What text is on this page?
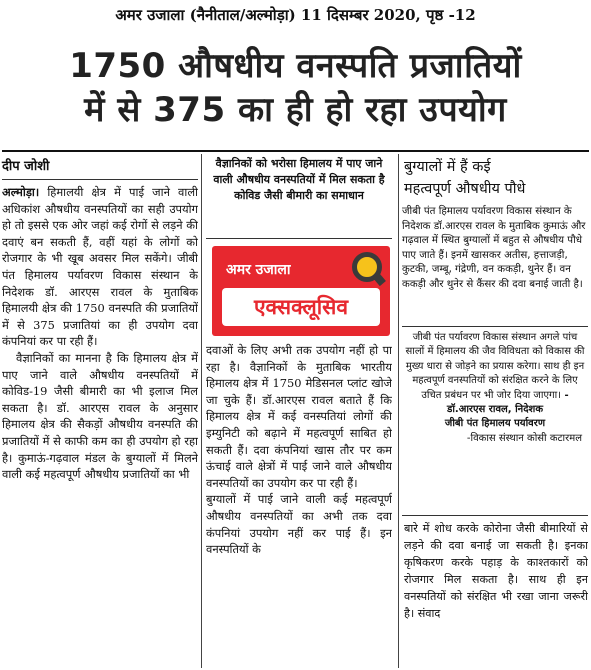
अमर उजाला (नैनीताल/अल्मोड़ा) 11 दिसम्बर 2020, पृष्ठ -12
1750 औषधीय वनस्पति प्रजातियों
में से 375 का ही हो रहा उपयोग
दीप जोशी

अल्मोड़ा। हिमालयी क्षेत्र में पाई जाने वाली अधिकांश औषधीय वनस्पतियों का सही उपयोग हो तो इससे एक ओर जहां कई रोगों से लड़ने की दवाएं बन सकती हैं, वहीं यहां के लोगों को रोजगार के भी खूब अवसर मिल सकेंगे। जीबी पंत हिमालय पर्यावरण विकास संस्थान के निदेशक डॉ. आरएस रावल के मुताबिक हिमालयी क्षेत्र की 1750 वनस्पति की प्रजातियों में से 375 प्रजातियां का ही उपयोग दवा कंपनियां कर पा रही हैं।

वैज्ञानिकों का मानना है कि हिमालय क्षेत्र में पाए जाने वाले औषधीय वनस्पतियों में कोविड-19 जैसी बीमारी का भी इलाज मिल सकता है। डॉ. आरएस रावल के अनुसार हिमालय क्षेत्र की सैकड़ों औषधीय वनस्पति की प्रजातियों में से काफी कम का ही उपयोग हो रहा है। कुमाऊं-गढ़वाल मंडल के बुग्यालों में मिलने वाली कई महत्वपूर्ण औषधीय प्रजातियों का भी

वैज्ञानिकों को भरोसा हिमालय में पाए जाने वाली औषधीय वनस्पतियों में मिल सकता है कोविड जैसी बीमारी का समाधान
अमर उजाला
एक्सक्लूसिव

दवाओं के लिए अभी तक उपयोग नहीं हो पा रहा है। वैज्ञानिकों के मुताबिक भारतीय हिमालय क्षेत्र में 1750 मेडिसनल प्लांट खोजे जा चुके हैं। डॉ.आरएस रावल बताते हैं कि हिमालय क्षेत्र में कई वनस्पतियां लोगों की इम्युनिटी को बढ़ाने में महत्वपूर्ण साबित हो सकती हैं। दवा कंपनियां खास तौर पर कम ऊंचाई वाले क्षेत्रों में पाई जाने वाले औषधीय वनस्पतियों का उपयोग कर पा रही हैं।

बुग्यालों में पाई जाने वाली कई महत्वपूर्ण औषधीय वनस्पतियों का अभी तक दवा कंपनियां उपयोग नहीं कर पाई हैं। इन वनस्पतियों के

बुग्यालों में हैं कई
महत्वपूर्ण औषधीय पौधे
जीबी पंत हिमालय पर्यावरण विकास संस्थान के निदेशक डॉ.आरएस रावल के मुताबिक कुमाऊं और गढ़वाल में स्थित बुग्यालों में बहुत से औषधीय पौधे पाए जाते हैं। इनमें खासकर अतीस, हत्ताजड़ी, कुटकी, जम्बू, गंद्रेणी, वन ककड़ी, थुनेर हैं। वन ककड़ी और थुनेर से कैंसर की दवा बनाई जाती है।
जीबी पंत पर्यावरण विकास संस्थान अगले पांच सालों में हिमालय की जैव विविधता को विकास की मुख्य धारा से जोड़ने का प्रयास करेगा। साथ ही इन महत्वपूर्ण वनस्पतियों को संरक्षित करने के लिए उचित प्रबंधन पर भी जोर दिया जाएगा। - डॉ.आरएस रावल, निदेशक
जीबी पंत हिमालय पर्यावरण
-विकास संस्थान कोसी कटारमल

बारे में शोध करके कोरोना जैसी बीमारियों से लड़ने की दवा बनाई जा सकती है। इनका कृषिकरण करके पहाड़ के काश्तकारों को रोजगार मिल सकता है। साथ ही इन वनस्पतियों को संरक्षित भी रखा जाना जरूरी है। संवाद
